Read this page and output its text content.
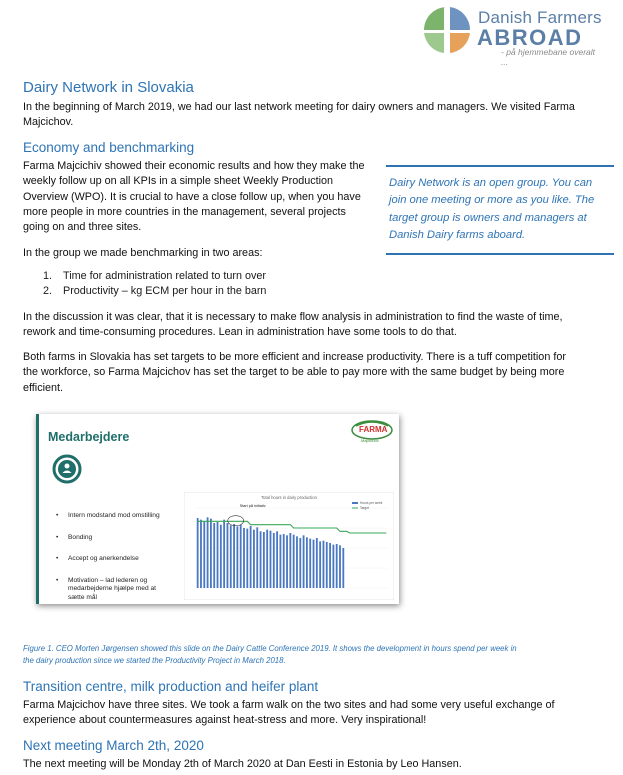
Danish Farmers
ABROAD
- på hjemmebane overalt ...
Dairy Network in Slovakia
In the beginning of March 2019, we had our last network meeting for dairy owners and managers. We visited Farma
Majcichov.
Economy and benchmarking
Farma Majcichiv showed their economic results and how they make the
weekly follow up on all KPIs in a simple sheet Weekly Production
Overview (WPO). It is crucial to have a close follow up, when you have
more people in more countries in the management, several projects
going on and three sites.
In the group we made benchmarking in two areas:
1. Time for administration related to turn over
2. Productivity – kg ECM per hour in the barn
In the discussion it was clear, that it is necessary to make flow analysis in administration to find the waste of time,
rework and time-consuming procedures. Lean in administration have some tools to do that.
Both farms in Slovakia has set targets to be more efficient and increase productivity. There is a tuff competition for
the workforce, so Farma Majcichov has set the target to be able to pay more with the same budget by being more
efficient.
Dairy Network is an open group. You can
join one meeting or more as you like. The
target group is owners and managers at
Danish Dairy farms aboard.
Medarbejdere
FARMA
Majcichov
• Intern modstand mod omstilling
• Bonding
• Accept og anerkendelse
• Motivation – lad lederen og medarbejderne hjælpe med at sætte mål
Total hours in dairy production
Start på initiativ
Hours per week
Target
Figure 1. CEO Morten Jørgensen showed this slide on the Dairy Cattle Conference 2019. It shows the development in hours spend per week in
the dairy production since we started the Productivity Project in March 2018.
Transition centre, milk production and heifer plant
Farma Majcichov have three sites. We took a farm walk on the two sites and had some very useful exchange of
experience about countermeasures against heat-stress and more. Very inspirational!
Next meeting March 2th, 2020
The next meeting will be Monday 2th of March 2020 at Dan Eesti in Estonia by Leo Hansen.
